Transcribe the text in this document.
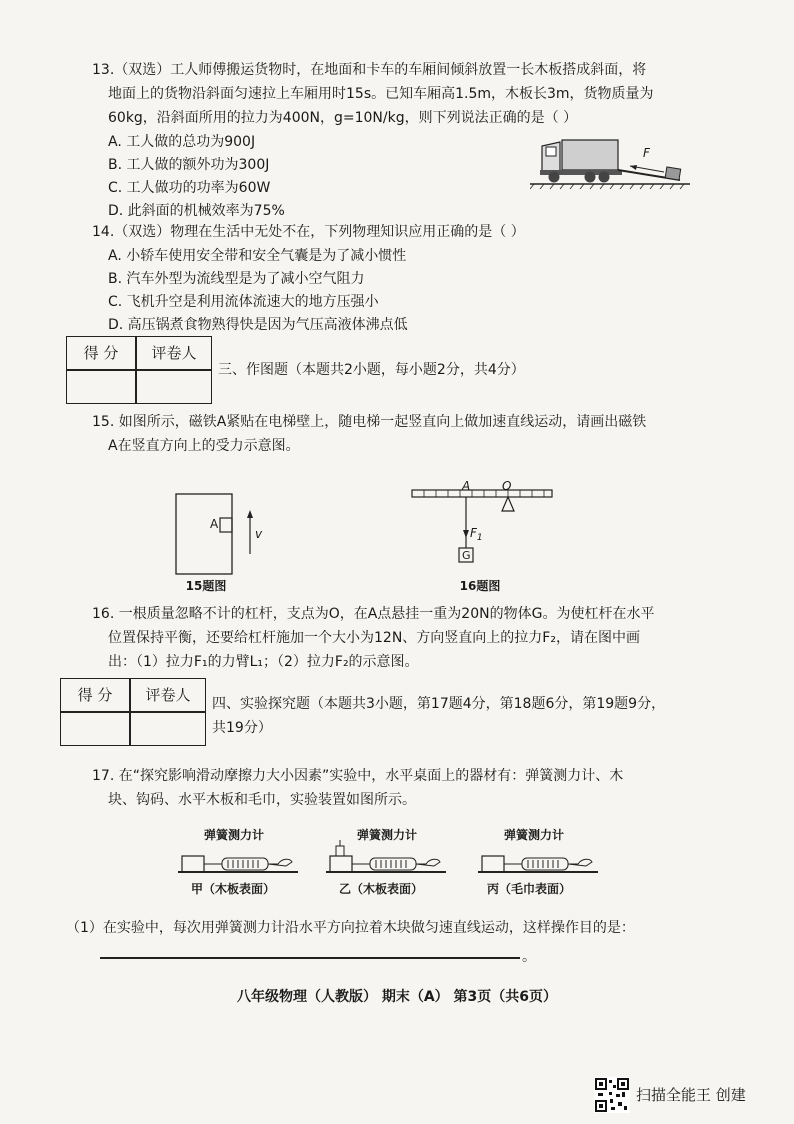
13.（双选）工人师傅搬运货物时，在地面和卡车的车厢间倾斜放置一长木板搭成斜面，将
地面上的货物沿斜面匀速拉上车厢用时15s。已知车厢高1.5m，木板长3m，货物质量为
60kg，沿斜面所用的拉力为400N，g=10N/kg，则下列说法正确的是（ ）
A. 工人做的总功为900J
B. 工人做的额外功为300J
C. 工人做功的功率为60W
D. 此斜面的机械效率为75%
F
14.（双选）物理在生活中无处不在，下列物理知识应用正确的是（ ）
A. 小轿车使用安全带和安全气囊是为了减小惯性
B. 汽车外型为流线型是为了减小空气阻力
C. 飞机升空是利用流体流速大的地方压强小
D. 高压锅煮食物熟得快是因为气压高液体沸点低
得 分	评卷人
三、作图题（本题共2小题，每小题2分，共4分）
15. 如图所示，磁铁A紧贴在电梯壁上，随电梯一起竖直向上做加速直线运动，请画出磁铁
A在竖直方向上的受力示意图。
A
v
15题图
A	O
$F_1$
G
16题图
16. 一根质量忽略不计的杠杆，支点为O，在A点悬挂一重为20N的物体G。为使杠杆在水平
位置保持平衡，还要给杠杆施加一个大小为12N、方向竖直向上的拉力F₂，请在图中画
出：（1）拉力F₁的力臂L₁；（2）拉力F₂的示意图。
得 分	评卷人	四、实验探究题（本题共3小题，第17题4分，第18题6分，第19题9分，
共19分）
17. 在“探究影响滑动摩擦力大小因素”实验中，水平桌面上的器材有：弹簧测力计、木
块、钩码、水平木板和毛巾，实验装置如图所示。
弹簧测力计	弹簧测力计	弹簧测力计
甲（木板表面）	乙（木板表面）	丙（毛巾表面）
（1）在实验中，每次用弹簧测力计沿水平方向拉着木块做匀速直线运动，这样操作目的是：
。
八年级物理（人教版） 期末（A） 第3页（共6页）
扫描全能王 创建
